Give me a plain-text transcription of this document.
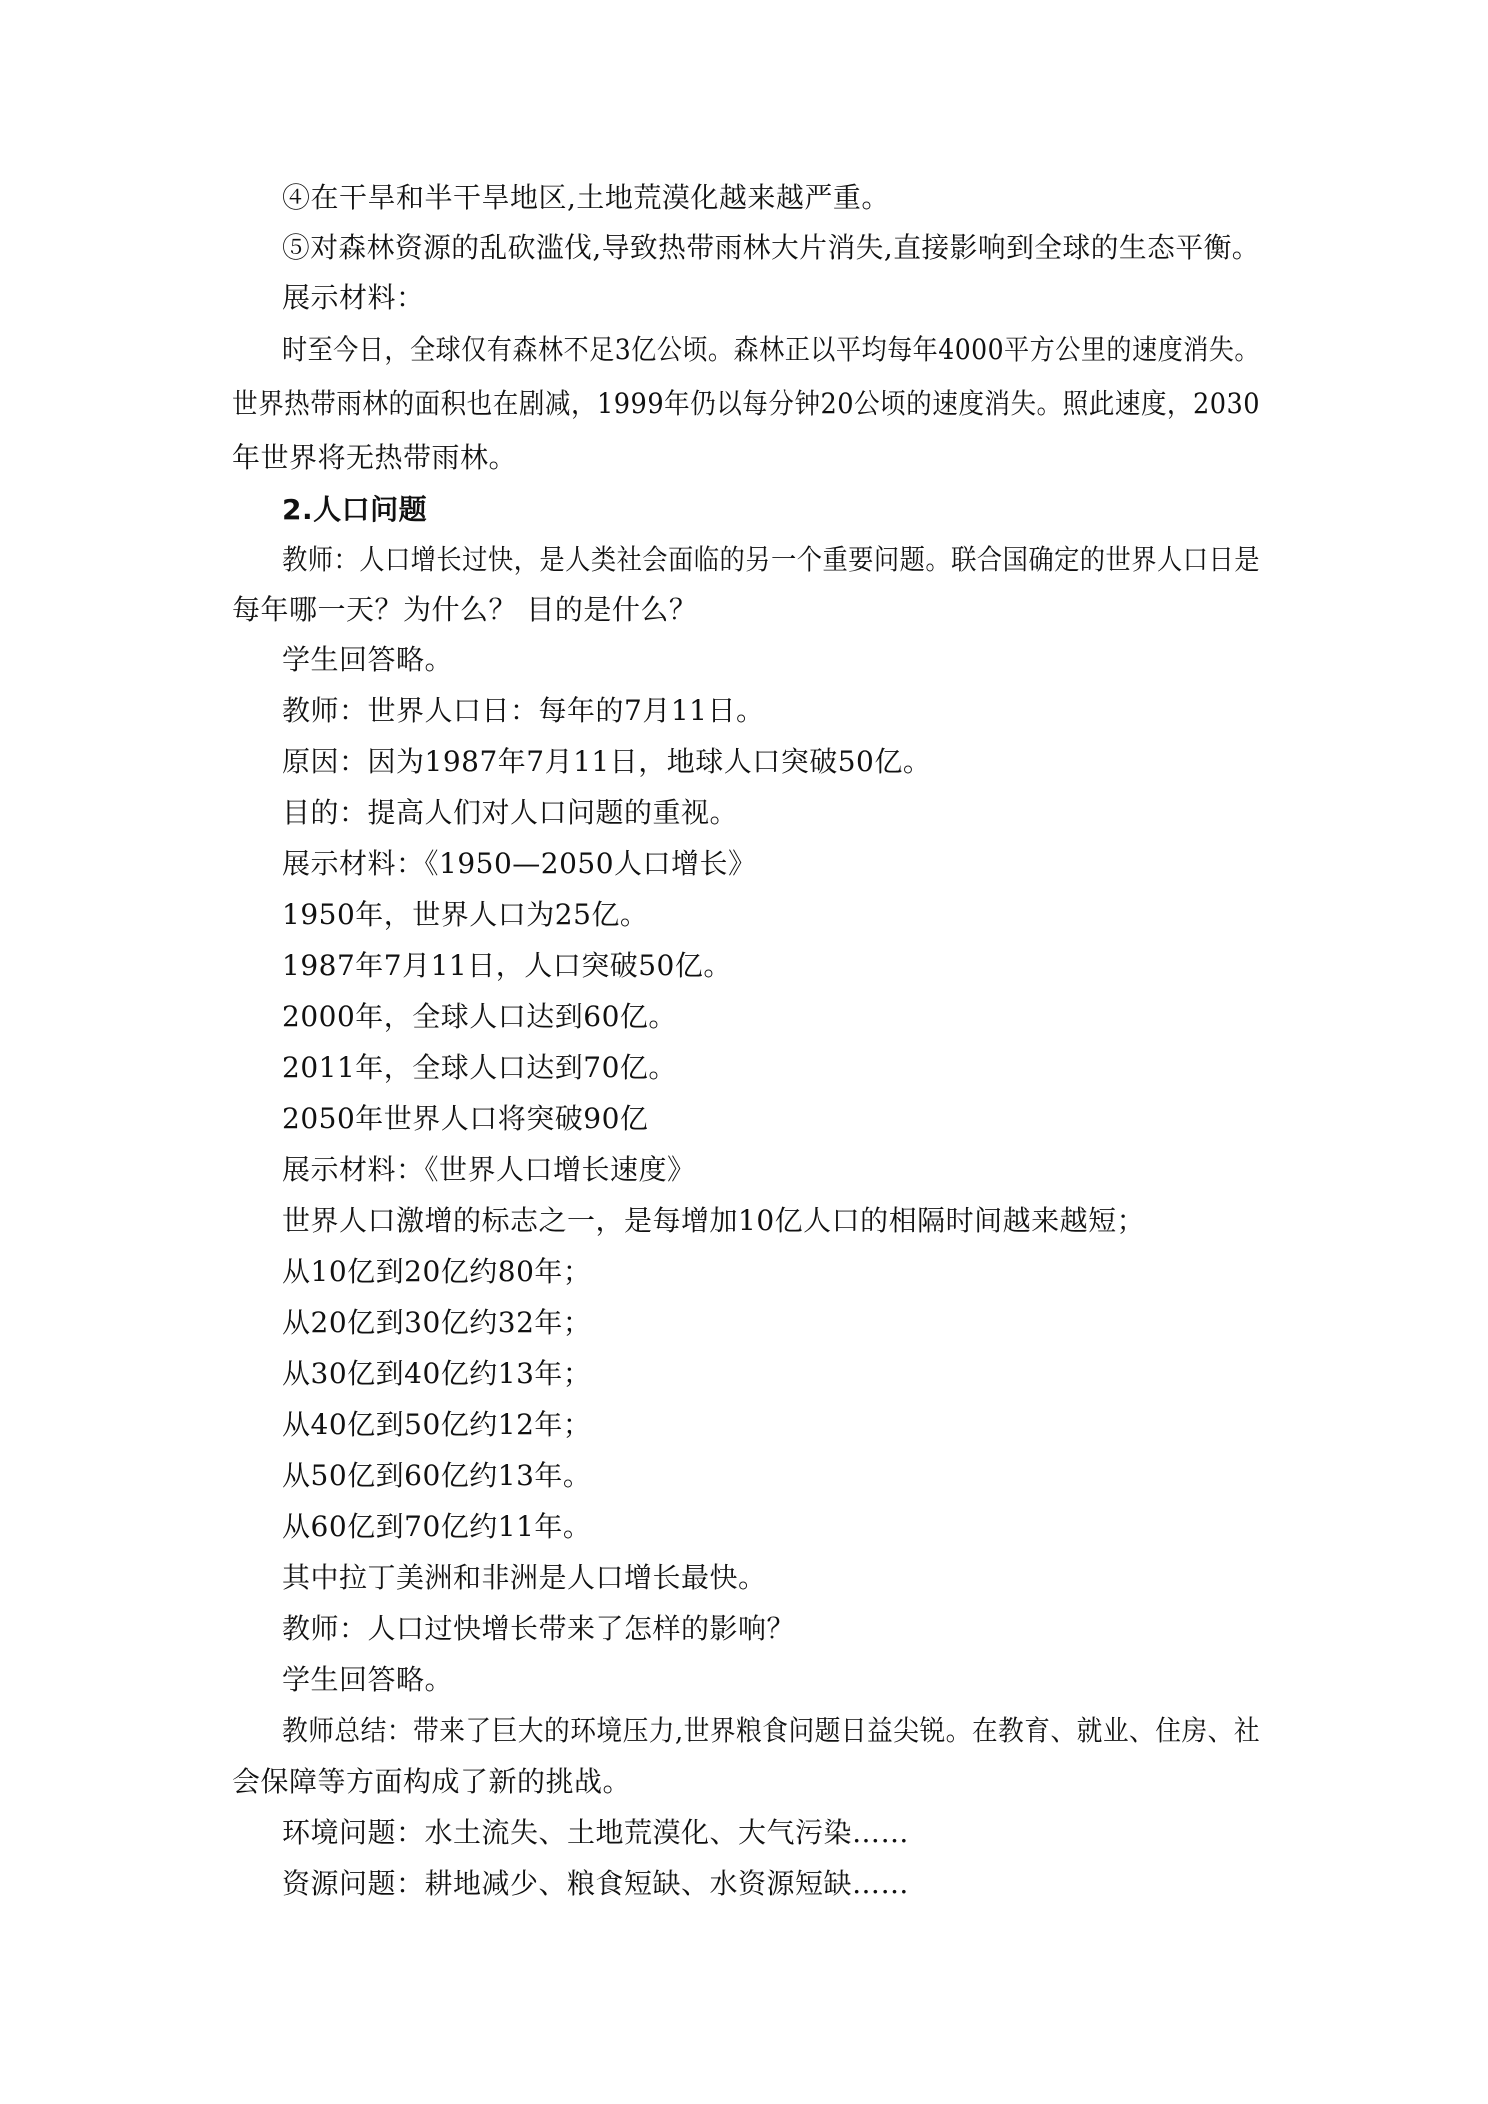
④在干旱和半干旱地区,土地荒漠化越来越严重。
⑤对森林资源的乱砍滥伐,导致热带雨林大片消失,直接影响到全球的生态平衡。
展示材料：
时至今日，全球仅有森林不足3亿公顷。森林正以平均每年4000平方公里的速度消失。
世界热带雨林的面积也在剧减，1999年仍以每分钟20公顷的速度消失。照此速度，2030
年世界将无热带雨林。
2.人口问题
教师：人口增长过快，是人类社会面临的另一个重要问题。联合国确定的世界人口日是
每年哪一天？为什么？ 目的是什么？
学生回答略。
教师：世界人口日：每年的7月11日。
原因：因为1987年7月11日，地球人口突破50亿。
目的：提高人们对人口问题的重视。
展示材料：《1950—2050人口增长》
1950年，世界人口为25亿。
1987年7月11日，人口突破50亿。
2000年，全球人口达到60亿。
2011年，全球人口达到70亿。
2050年世界人口将突破90亿
展示材料：《世界人口增长速度》
世界人口激增的标志之一，是每增加10亿人口的相隔时间越来越短；
从10亿到20亿约80年；
从20亿到30亿约32年；
从30亿到40亿约13年；
从40亿到50亿约12年；
从50亿到60亿约13年。
从60亿到70亿约11年。
其中拉丁美洲和非洲是人口增长最快。
教师：人口过快增长带来了怎样的影响？
学生回答略。
教师总结：带来了巨大的环境压力,世界粮食问题日益尖锐。在教育、就业、住房、社
会保障等方面构成了新的挑战。
环境问题：水土流失、土地荒漠化、大气污染……
资源问题：耕地减少、粮食短缺、水资源短缺……
